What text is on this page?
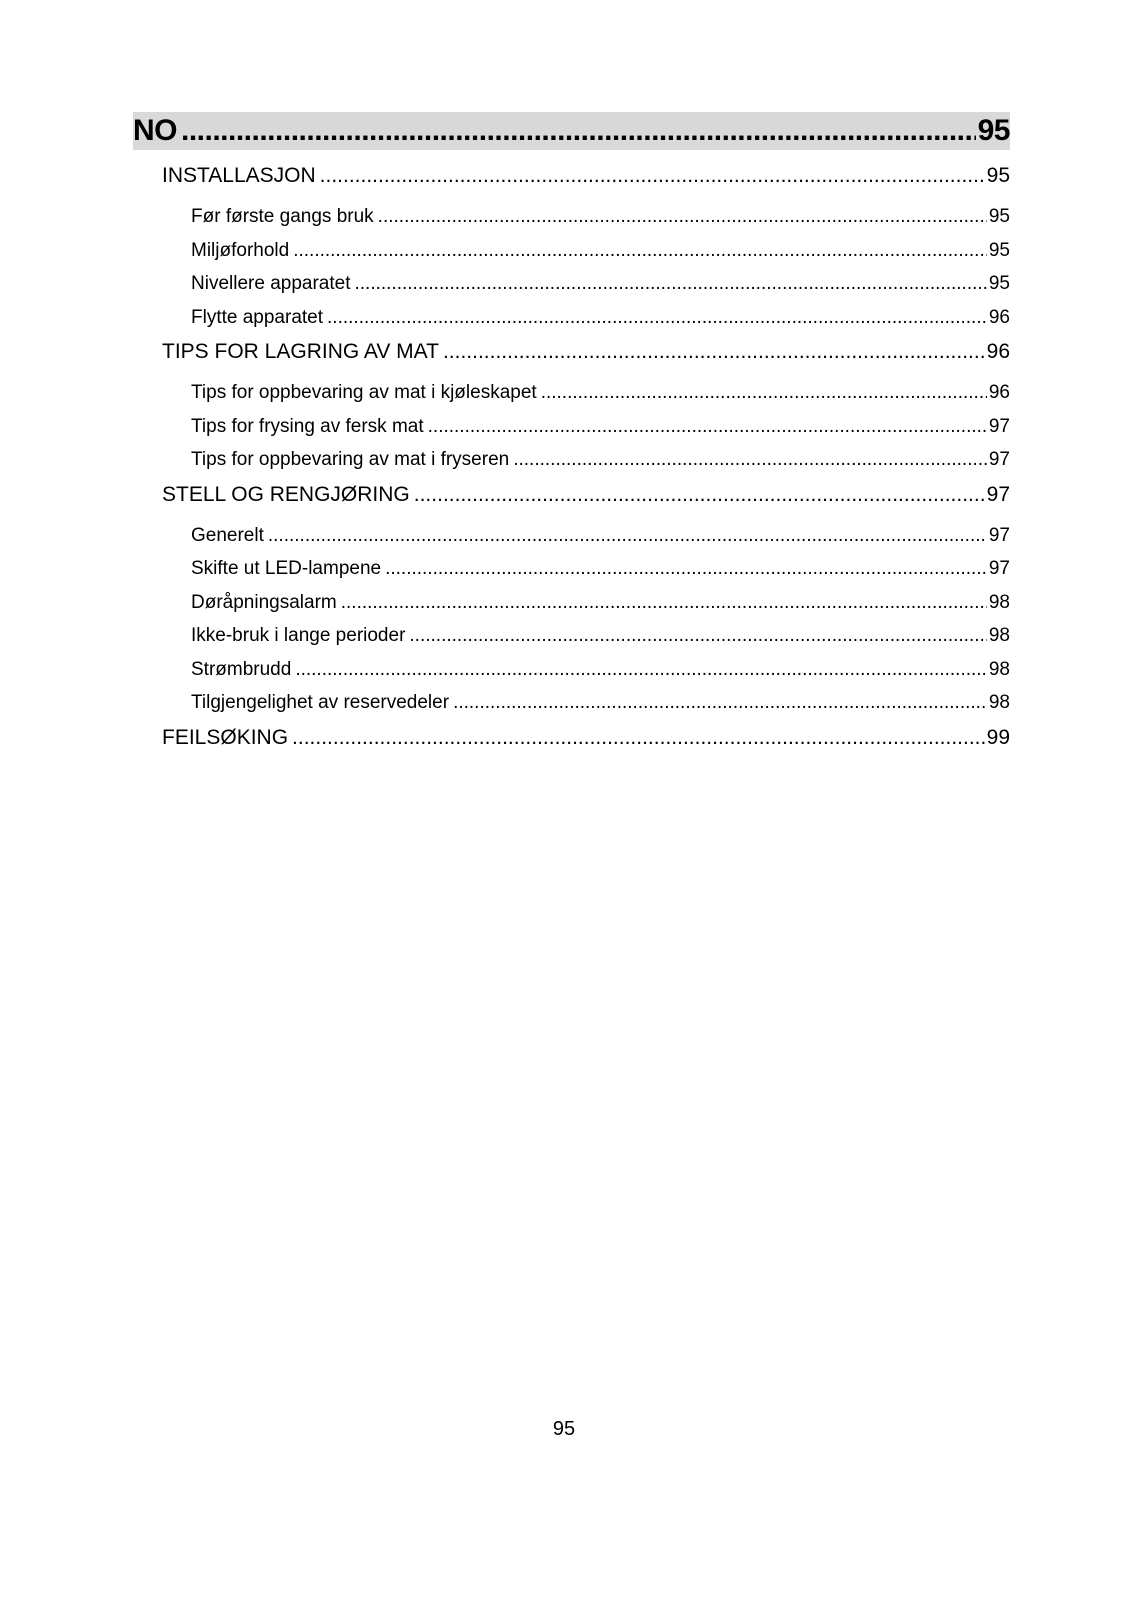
NO .....	95
INSTALLASJON .....	95
Før første gangs bruk .....	95
Miljøforhold .....	95
Nivellere apparatet .....	95
Flytte apparatet .....	96
TIPS FOR LAGRING AV MAT .....	96
Tips for oppbevaring av mat i kjøleskapet .....	96
Tips for frysing av fersk mat .....	97
Tips for oppbevaring av mat i fryseren .....	97
STELL OG RENGJØRING .....	97
Generelt .....	97
Skifte ut LED-lampene .....	97
Døråpningsalarm .....	98
Ikke-bruk i lange perioder .....	98
Strømbrudd .....	98
Tilgjengelighet av reservedeler .....	98
FEILSØKING .....	99
95
